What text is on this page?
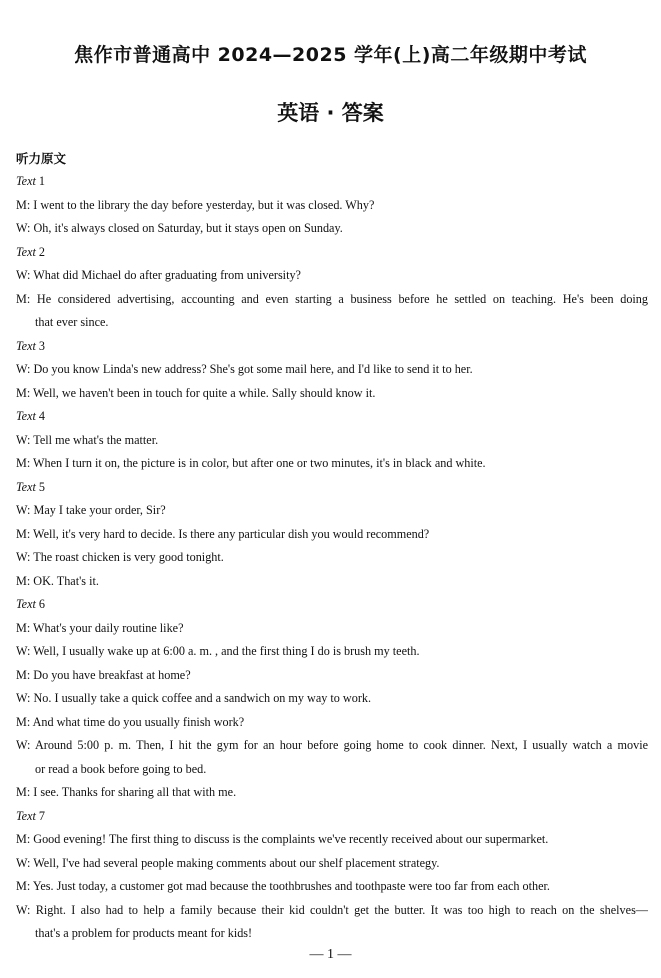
焦作市普通高中 2024—2025 学年(上)高二年级期中考试
英语 · 答案
听力原文
Text 1
M: I went to the library the day before yesterday, but it was closed. Why?
W: Oh, it's always closed on Saturday, but it stays open on Sunday.
Text 2
W: What did Michael do after graduating from university?
M: He considered advertising, accounting and even starting a business before he settled on teaching. He's been doing
that ever since.
Text 3
W: Do you know Linda's new address? She's got some mail here, and I'd like to send it to her.
M: Well, we haven't been in touch for quite a while. Sally should know it.
Text 4
W: Tell me what's the matter.
M: When I turn it on, the picture is in color, but after one or two minutes, it's in black and white.
Text 5
W: May I take your order, Sir?
M: Well, it's very hard to decide. Is there any particular dish you would recommend?
W: The roast chicken is very good tonight.
M: OK. That's it.
Text 6
M: What's your daily routine like?
W: Well, I usually wake up at 6:00 a. m. , and the first thing I do is brush my teeth.
M: Do you have breakfast at home?
W: No. I usually take a quick coffee and a sandwich on my way to work.
M: And what time do you usually finish work?
W: Around 5:00 p. m. Then, I hit the gym for an hour before going home to cook dinner. Next, I usually watch a movie
or read a book before going to bed.
M: I see. Thanks for sharing all that with me.
Text 7
M: Good evening! The first thing to discuss is the complaints we've recently received about our supermarket.
W: Well, I've had several people making comments about our shelf placement strategy.
M: Yes. Just today, a customer got mad because the toothbrushes and toothpaste were too far from each other.
W: Right. I also had to help a family because their kid couldn't get the butter. It was too high to reach on the shelves—
that's a problem for products meant for kids!
— 1 —
